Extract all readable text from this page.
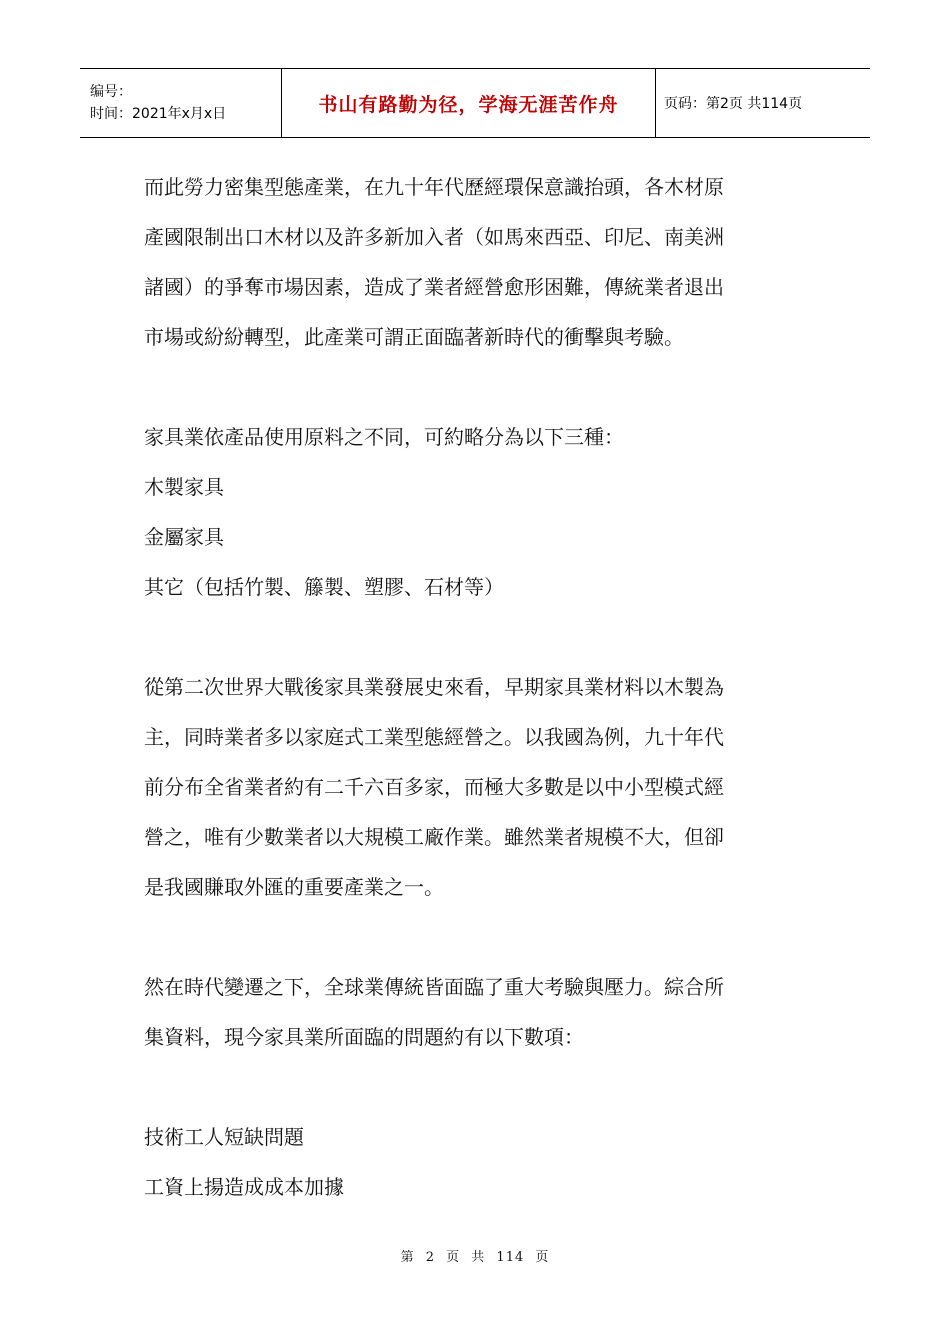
编号：
时间：2021年x月x日	书山有路勤为径，学海无涯苦作舟	页码：第2页 共114页

而此勞力密集型態產業，在九十年代歷經環保意識抬頭，各木材原

產國限制出口木材以及許多新加入者（如馬來西亞、印尼、南美洲

諸國）的爭奪市場因素，造成了業者經營愈形困難，傳統業者退出

市場或紛紛轉型，此產業可謂正面臨著新時代的衝擊與考驗。

家具業依產品使用原料之不同，可約略分為以下三種：

木製家具

金屬家具

其它（包括竹製、籐製、塑膠、石材等）

從第二次世界大戰後家具業發展史來看，早期家具業材料以木製為

主，同時業者多以家庭式工業型態經營之。以我國為例，九十年代

前分布全省業者約有二千六百多家，而極大多數是以中小型模式經

營之，唯有少數業者以大規模工廠作業。雖然業者規模不大，但卻

是我國賺取外匯的重要產業之一。

然在時代變遷之下，全球業傳統皆面臨了重大考驗與壓力。綜合所

集資料，現今家具業所面臨的問題約有以下數項：

技術工人短缺問題

工資上揚造成成本加據

第 2 页 共 114 页
